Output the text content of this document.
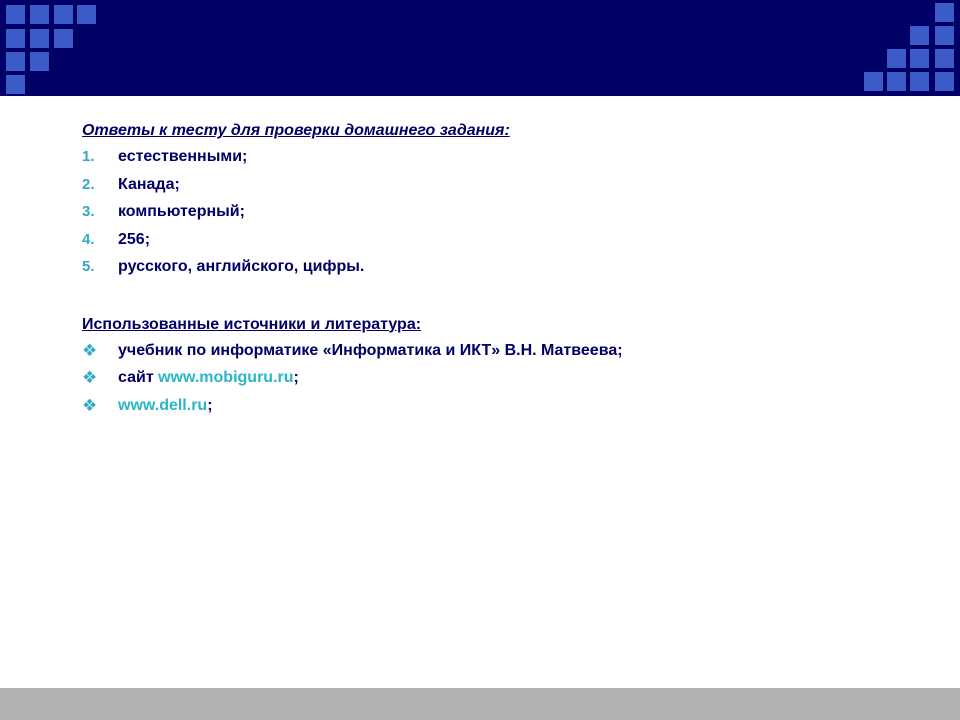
Ответы к тесту для проверки домашнего задания:
1. естественными;
2. Канада;
3. компьютерный;
4. 256;
5. русского, английского, цифры.
Использованные источники и литература:
❖ учебник по информатике «Информатика и ИКТ» В.Н. Матвеева;
❖ сайт www.mobiguru.ru;
❖ www.dell.ru;
